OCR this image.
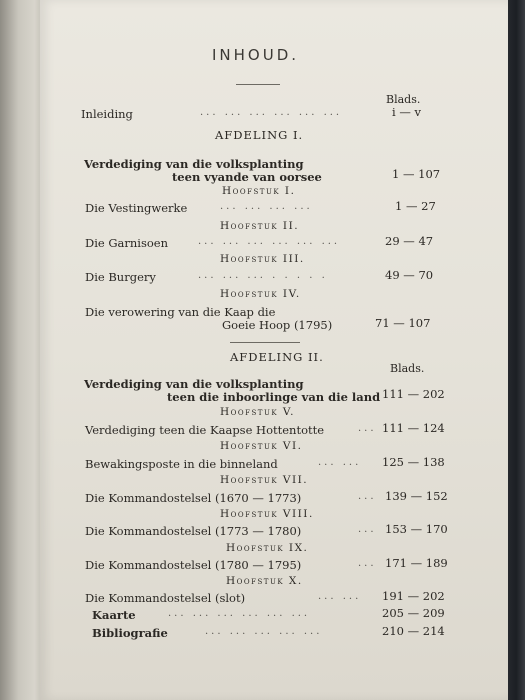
INHOUD.
Blads.
Inleiding	... ... ... ... ... ...	i — v
AFDELING I.
Verdediging van die volksplanting
teen vyande van oorsee	1 — 107
Hoofstuk I.
Die Vestingwerke	... ... ... ...	1 — 27
Hoofstuk II.
Die Garnisoen	... ... ... ... ... ...	29 — 47
Hoofstuk III.
Die Burgery	... ... ... . . . . .	49 — 70
Hoofstuk IV.
Die verowering van die Kaap die
Goeie Hoop (1795)	71 — 107
AFDELING II.
Blads.
Verdediging van die volksplanting
teen die inboorlinge van die land 111 — 202
Hoofstuk V.
Verdediging teen die Kaapse Hottentotte	... 111 — 124
Hoofstuk VI.
Bewakingsposte in die binneland	... ... 125 — 138
Hoofstuk VII.
Die Kommandostelsel (1670 — 1773)	... 139 — 152
Hoofstuk VIII.
Die Kommandostelsel (1773 — 1780)	... 153 — 170
Hoofstuk IX.
Die Kommandostelsel (1780 — 1795)	... 171 — 189
Hoofstuk X.
Die Kommandostelsel (slot)	... ... 191 — 202
Kaarte	... ... ... ... ... ...	205 — 209
Bibliografie	... ... ... ... ...	210 — 214
